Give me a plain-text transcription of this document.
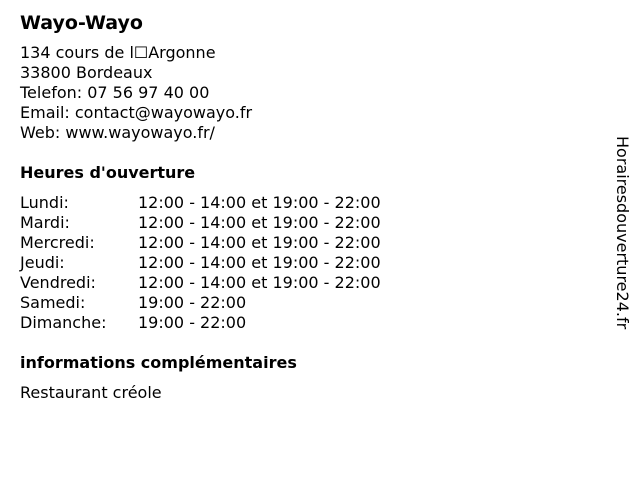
Wayo-Wayo
134 cours de l☐Argonne
33800 Bordeaux
Telefon: 07 56 97 40 00
Email: contact@wayowayo.fr
Web: www.wayowayo.fr/
Heures d'ouverture
Lundi:	12:00 - 14:00 et 19:00 - 22:00
Mardi:	12:00 - 14:00 et 19:00 - 22:00
Mercredi:	12:00 - 14:00 et 19:00 - 22:00
Jeudi:	12:00 - 14:00 et 19:00 - 22:00
Vendredi:	12:00 - 14:00 et 19:00 - 22:00
Samedi:	19:00 - 22:00
Dimanche:	19:00 - 22:00
informations complémentaires
Restaurant créole
Horairesdouverture24.fr
